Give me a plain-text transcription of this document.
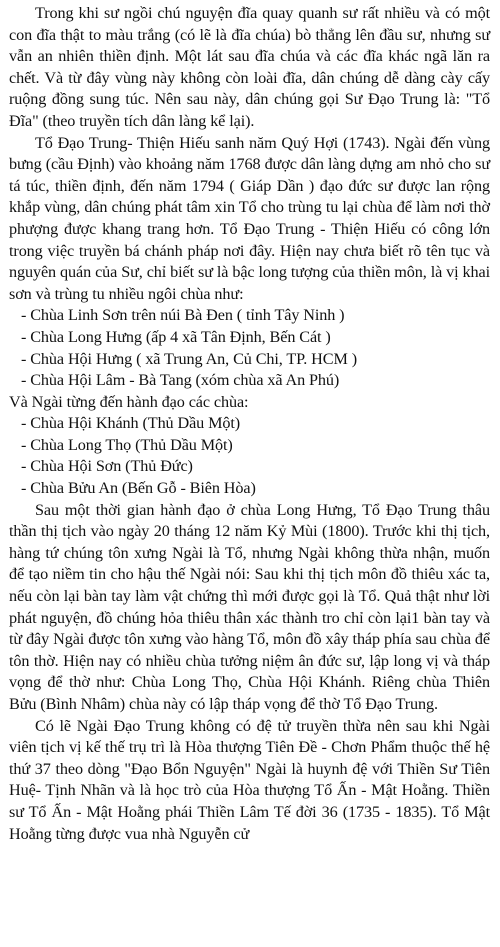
Trong khi sư ngồi chú nguyện đĩa quay quanh sư rất nhiều và có một con đĩa thật to màu trắng (có lẽ là đĩa chúa) bò thẳng lên đầu sư, nhưng sư vẫn an nhiên thiền định. Một lát sau đĩa chúa và các đĩa khác ngã lăn ra chết. Và từ đây vùng này không còn loài đĩa, dân chúng dễ dàng cày cấy ruộng đồng sung túc. Nên sau này, dân chúng gọi Sư Đạo Trung là: "Tổ Đĩa" (theo truyền tích dân làng kể lại).

Tổ Đạo Trung- Thiện Hiếu sanh năm Quý Hợi (1743). Ngài đến vùng bưng (cầu Định) vào khoảng năm 1768 được dân làng dựng am nhỏ cho sư tá túc, thiền định, đến năm 1794 ( Giáp Dần ) đạo đức sư được lan rộng khắp vùng, dân chúng phát tâm xin Tổ cho trùng tu lại chùa để làm nơi thờ phượng được khang trang hơn. Tổ Đạo Trung - Thiện Hiếu có công lớn trong việc truyền bá chánh pháp nơi đây. Hiện nay chưa biết rõ tên tục và nguyên quán của Sư, chỉ biết sư là bậc long tượng của thiền môn, là vị khai sơn và trùng tu nhiều ngôi chùa như:

- Chùa Linh Sơn trên núi Bà Đen ( tỉnh Tây Ninh )

- Chùa Long Hưng (ấp 4 xã Tân Định, Bến Cát )

- Chùa Hội Hưng ( xã Trung An, Củ Chi, TP. HCM )

- Chùa Hội Lâm - Bà Tang (xóm chùa xã An Phú)

Và Ngài từng đến hành đạo các chùa:

- Chùa Hội Khánh (Thủ Dầu Một)

- Chùa Long Thọ (Thủ Dầu Một)

- Chùa Hội Sơn (Thủ Đức)

- Chùa Bửu An (Bến Gỗ - Biên Hòa)

Sau một thời gian hành đạo ở chùa Long Hưng, Tổ Đạo Trung thâu thần thị tịch vào ngày 20 tháng 12 năm Kỷ Mùi (1800). Trước khi thị tịch, hàng tứ chúng tôn xưng Ngài là Tổ, nhưng Ngài không thừa nhận, muốn để tạo niềm tin cho hậu thế Ngài nói: Sau khi thị tịch môn đồ thiêu xác ta, nếu còn lại bàn tay làm vật chứng thì mới được gọi là Tổ. Quả thật như lời phát nguyện, đồ chúng hỏa thiêu thân xác thành tro chỉ còn lại1 bàn tay và từ đây Ngài được tôn xưng vào hàng Tổ, môn đồ xây tháp phía sau chùa để tôn thờ. Hiện nay có nhiều chùa tưởng niệm ân đức sư, lập long vị và tháp vọng để thờ như: Chùa Long Thọ, Chùa Hội Khánh. Riêng chùa Thiên Bửu (Bình Nhâm) chùa này có lập tháp vọng để thờ Tổ Đạo Trung.

Có lẽ Ngài Đạo Trung không có đệ tử truyền thừa nên sau khi Ngài viên tịch vị kế thế trụ trì là Hòa thượng Tiên Đề - Chơn Phẩm thuộc thế hệ thứ 37 theo dòng "Đạo Bổn Nguyện" Ngài là huynh đệ với Thiền Sư Tiên Huệ- Tịnh Nhãn và là học trò của Hòa thượng Tổ Ấn - Mật Hoằng. Thiền sư Tổ Ấn - Mật Hoằng phái Thiền Lâm Tế đời 36 (1735 - 1835). Tổ Mật Hoằng từng được vua nhà Nguyễn cử
